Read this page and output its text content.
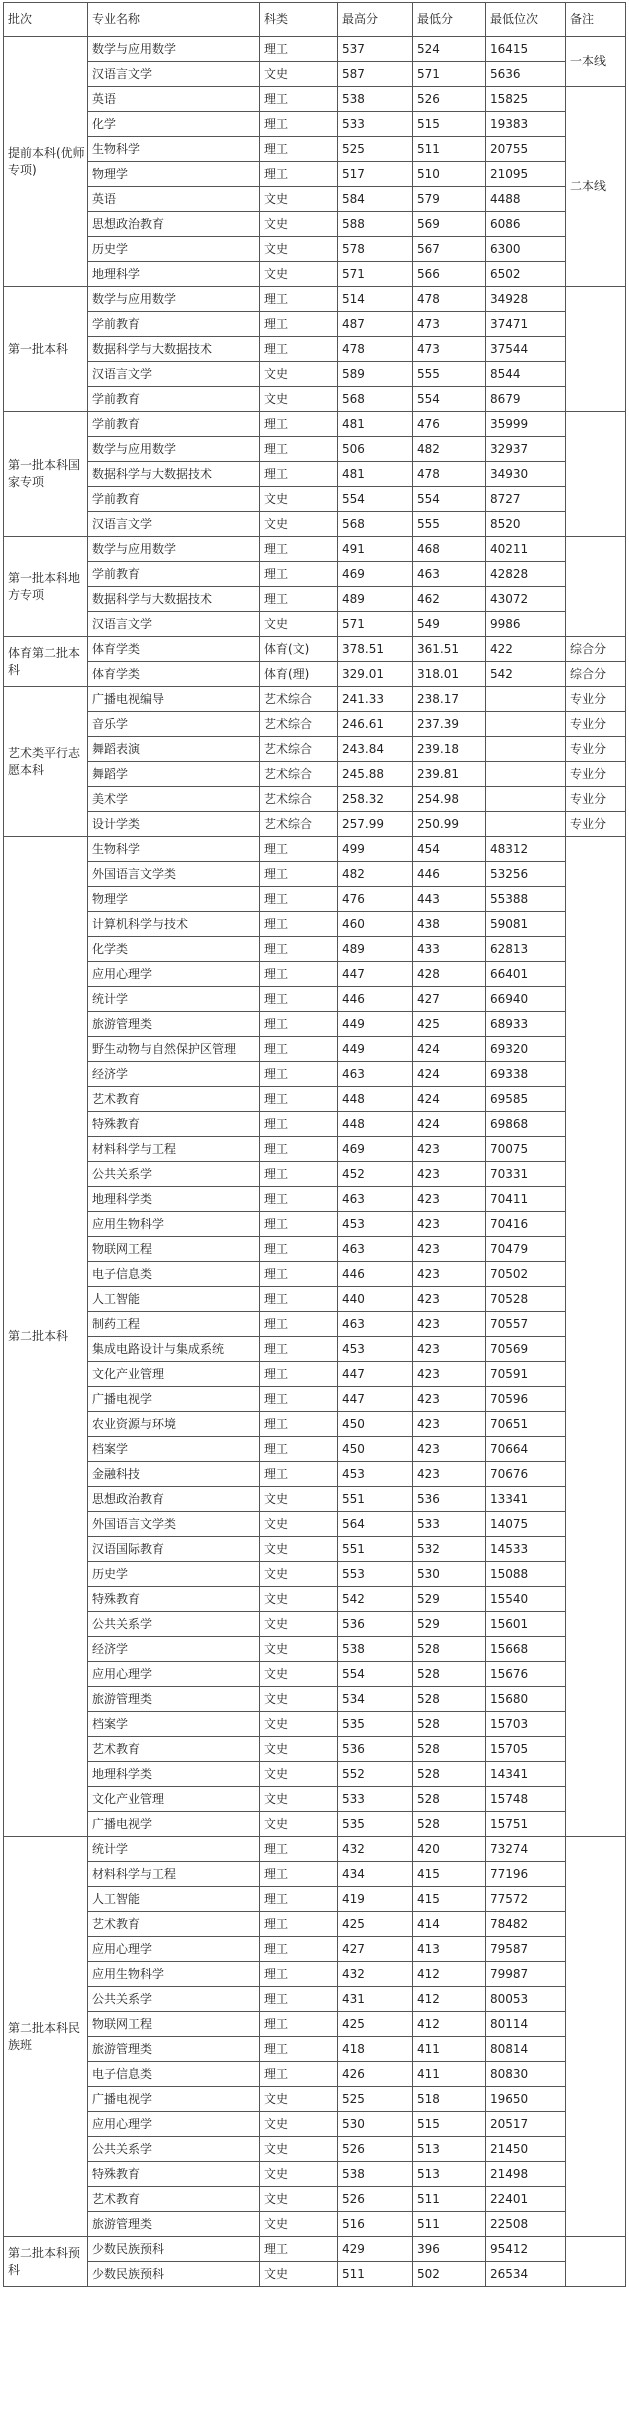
批次	专业名称	科类	最高分	最低分	最低位次	备注
提前本科(优师专项)	数学与应用数学	理工	537	524	16415	一本线
	汉语言文学	文史	587	571	5636	
	英语	理工	538	526	15825	二本线
	化学	理工	533	515	19383	
	生物科学	理工	525	511	20755	
	物理学	理工	517	510	21095	
	英语	文史	584	579	4488	
	思想政治教育	文史	588	569	6086	
	历史学	文史	578	567	6300	
	地理科学	文史	571	566	6502	
第一批本科	数学与应用数学	理工	514	478	34928	
	学前教育	理工	487	473	37471	
	数据科学与大数据技术	理工	478	473	37544	
	汉语言文学	文史	589	555	8544	
	学前教育	文史	568	554	8679	
第一批本科国家专项	学前教育	理工	481	476	35999	
	数学与应用数学	理工	506	482	32937	
	数据科学与大数据技术	理工	481	478	34930	
	学前教育	文史	554	554	8727	
	汉语言文学	文史	568	555	8520	
第一批本科地方专项	数学与应用数学	理工	491	468	40211	
	学前教育	理工	469	463	42828	
	数据科学与大数据技术	理工	489	462	43072	
	汉语言文学	文史	571	549	9986	
体育第二批本科	体育学类	体育(文)	378.51	361.51	422	综合分
	体育学类	体育(理)	329.01	318.01	542	综合分
艺术类平行志愿本科	广播电视编导	艺术综合	241.33	238.17		专业分
	音乐学	艺术综合	246.61	237.39		专业分
	舞蹈表演	艺术综合	243.84	239.18		专业分
	舞蹈学	艺术综合	245.88	239.81		专业分
	美术学	艺术综合	258.32	254.98		专业分
	设计学类	艺术综合	257.99	250.99		专业分
第二批本科	生物科学	理工	499	454	48312	
	外国语言文学类	理工	482	446	53256	
	物理学	理工	476	443	55388	
	计算机科学与技术	理工	460	438	59081	
	化学类	理工	489	433	62813	
	应用心理学	理工	447	428	66401	
	统计学	理工	446	427	66940	
	旅游管理类	理工	449	425	68933	
	野生动物与自然保护区管理	理工	449	424	69320	
	经济学	理工	463	424	69338	
	艺术教育	理工	448	424	69585	
	特殊教育	理工	448	424	69868	
	材料科学与工程	理工	469	423	70075	
	公共关系学	理工	452	423	70331	
	地理科学类	理工	463	423	70411	
	应用生物科学	理工	453	423	70416	
	物联网工程	理工	463	423	70479	
	电子信息类	理工	446	423	70502	
	人工智能	理工	440	423	70528	
	制药工程	理工	463	423	70557	
	集成电路设计与集成系统	理工	453	423	70569	
	文化产业管理	理工	447	423	70591	
	广播电视学	理工	447	423	70596	
	农业资源与环境	理工	450	423	70651	
	档案学	理工	450	423	70664	
	金融科技	理工	453	423	70676	
	思想政治教育	文史	551	536	13341	
	外国语言文学类	文史	564	533	14075	
	汉语国际教育	文史	551	532	14533	
	历史学	文史	553	530	15088	
	特殊教育	文史	542	529	15540	
	公共关系学	文史	536	529	15601	
	经济学	文史	538	528	15668	
	应用心理学	文史	554	528	15676	
	旅游管理类	文史	534	528	15680	
	档案学	文史	535	528	15703	
	艺术教育	文史	536	528	15705	
	地理科学类	文史	552	528	14341	
	文化产业管理	文史	533	528	15748	
	广播电视学	文史	535	528	15751	
第二批本科民族班	统计学	理工	432	420	73274	
	材料科学与工程	理工	434	415	77196	
	人工智能	理工	419	415	77572	
	艺术教育	理工	425	414	78482	
	应用心理学	理工	427	413	79587	
	应用生物科学	理工	432	412	79987	
	公共关系学	理工	431	412	80053	
	物联网工程	理工	425	412	80114	
	旅游管理类	理工	418	411	80814	
	电子信息类	理工	426	411	80830	
	广播电视学	文史	525	518	19650	
	应用心理学	文史	530	515	20517	
	公共关系学	文史	526	513	21450	
	特殊教育	文史	538	513	21498	
	艺术教育	文史	526	511	22401	
	旅游管理类	文史	516	511	22508	
第二批本科预科	少数民族预科	理工	429	396	95412	
	少数民族预科	文史	511	502	26534	
